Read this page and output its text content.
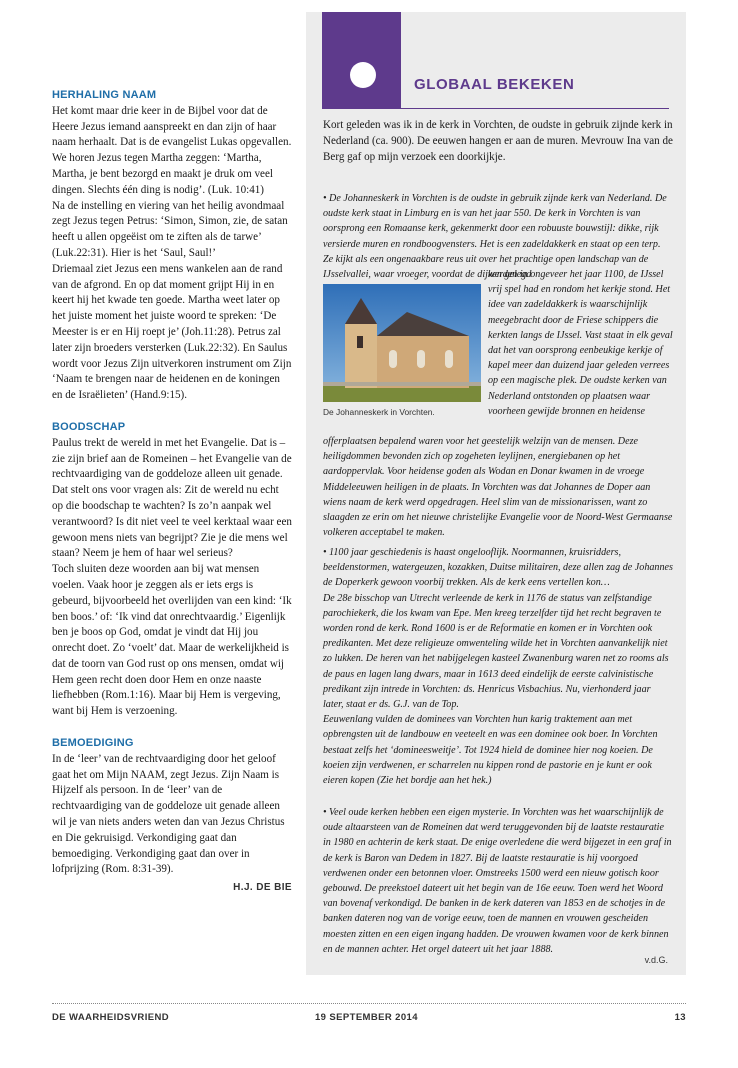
HERHALING NAAM

Het komt maar drie keer in de Bijbel voor dat de Heere Jezus iemand aanspreekt en dan zijn of haar naam herhaalt. Dat is de evangelist Lukas opgevallen.
We horen Jezus tegen Martha zeggen: ‘Martha, Martha, je bent bezorgd en maakt je druk om veel dingen. Slechts één ding is nodig’. (Luk. 10:41)
Na de instelling en viering van het heilig avondmaal zegt Jezus tegen Petrus: ‘Simon, Simon, zie, de satan heeft u allen opgeëist om te ziften als de tarwe’ (Luk.22:31). Hier is het ‘Saul, Saul!’
Driemaal ziet Jezus een mens wankelen aan de rand van de afgrond. En op dat moment grijpt Hij in en keert hij het kwade ten goede. Martha weet later op het juiste moment het juiste woord te spreken: ‘De Meester is er en Hij roept je’ (Joh.11:28). Petrus zal later zijn broeders versterken (Luk.22:32). En Saulus wordt voor Jezus Zijn uitverkoren instrument om Zijn ‘Naam te brengen naar de heidenen en de koningen en de Israëlieten’ (Hand.9:15).

BOODSCHAP

Paulus trekt de wereld in met het Evangelie. Dat is – zie zijn brief aan de Romeinen – het Evangelie van de rechtvaardiging van de goddeloze alleen uit genade. Dat stelt ons voor vragen als: Zit de wereld nu echt op die boodschap te wachten? Is zo’n aanpak wel verantwoord? Is dit niet veel te veel kerktaal waar een gewoon mens niets van begrijpt? Zie je die mens wel staan? Neem je hem of haar wel serieus?
Toch sluiten deze woorden aan bij wat mensen voelen. Vaak hoor je zeggen als er iets ergs is gebeurd, bijvoorbeeld het overlijden van een kind: ‘Ik ben boos.’ of: ‘Ik vind dat onrechtvaardig.’ Eigenlijk ben je boos op God, omdat je vindt dat Hij jou onrecht doet. Zo ‘voelt’ dat. Maar de werkelijkheid is dat de toorn van God rust op ons mensen, omdat wij Hem geen recht doen door Hem en onze naaste liefhebben (Rom.1:16). Maar bij Hem is vergeving, want bij Hem is verzoening.

BEMOEDIGING

In de ‘leer’ van de rechtvaardiging door het geloof gaat het om Mijn NAAM, zegt Jezus. Zijn Naam is Hijzelf als persoon. In de ‘leer’ van de rechtvaardiging van de goddeloze uit genade alleen wil je van niets anders weten dan van Jezus Christus en Die gekruisigd. Verkondiging gaat dan bemoediging. Verkondiging gaat dan over in lofprijzing (Rom. 8:31-39).

H.J. DE BIE
GLOBAAL BEKEKEN

Kort geleden was ik in de kerk in Vorchten, de oudste in gebruik zijnde kerk in Nederland (ca. 900). De eeuwen hangen er aan de muren. Mevrouw Ina van de Berg gaf op mijn verzoek een doorkijkje.

• De Johanneskerk in Vorchten is de oudste in gebruik zijnde kerk van Nederland. De oudste kerk staat in Limburg en is van het jaar 550. De kerk in Vorchten is van oorsprong een Romaanse kerk, gekenmerkt door een robuuste bouwstijl: dikke, rijk versierde muren en rondboogvensters. Het is een zadeldakkerk en staat op een terp. Ze kijkt als een ongenaakbare reus uit over het prachtige open landschap van de IJsselvallei, waar vroeger, voordat de dijken gelegd

De Johanneskerk in Vorchten.

werden in ongeveer het jaar 1100, de IJssel vrij spel had en rondom het kerkje stond. Het idee van zadeldakkerk is waarschijnlijk meegebracht door de Friese schippers die kerkten langs de IJssel. Vast staat in elk geval dat het van oorsprong eenbeukige kerkje of kapel meer dan duizend jaar geleden verrees op een magische plek. De oudste kerken van Nederland ontstonden op plaatsen waar voorheen gewijde bronnen en heidense

offerplaatsen bepalend waren voor het geestelijk welzijn van de mensen. Deze heiligdommen bevonden zich op zogeheten leylijnen, energiebanen op het aardoppervlak. Voor heidense goden als Wodan en Donar kwamen in de vroege Middeleeuwen heiligen in de plaats. In Vorchten was dat Johannes de Doper aan wiens naam de kerk werd opgedragen. Heel slim van de missionarissen, want zo slaagden ze erin om het nieuwe christelijke Evangelie voor de Noord-West Germaanse volkeren acceptabel te maken.

• 1100 jaar geschiedenis is haast ongelooflijk. Noormannen, kruisridders, beeldenstormen, watergeuzen, kozakken, Duitse militairen, deze allen zag de Johannes de Doperkerk gewoon voorbij trekken. Als de kerk eens vertellen kon…
De 28e bisschop van Utrecht verleende de kerk in 1176 de status van zelfstandige parochiekerk, die los kwam van Epe. Men kreeg terzelfder tijd het recht begraven te worden rond de kerk. Rond 1600 is er de Reformatie en komen er in Vorchten ook predikanten. Met deze religieuze omwenteling wilde het in Vorchten aanvankelijk niet zo lukken. De heren van het nabijgelegen kasteel Zwanenburg waren net zo rooms als de paus en lagen lang dwars, maar in 1613 deed eindelijk de eerste calvinistische predikant zijn intrede in Vorchten: ds. Henricus Visbachius. Nu, vierhonderd jaar later, staat er ds. G.J. van de Top.
Eeuwenlang vulden de dominees van Vorchten hun karig traktement aan met opbrengsten uit de landbouw en veeteelt en was een dominee ook boer. In Vorchten bestaat zelfs het ‘domineesweitje’. Tot 1924 hield de dominee hier nog koeien. De koeien zijn verdwenen, er scharrelen nu kippen rond de pastorie en je kunt er ook eieren kopen (Zie het bordje aan het hek.)

• Veel oude kerken hebben een eigen mysterie. In Vorchten was het waarschijnlijk de oude altaarsteen van de Romeinen dat werd teruggevonden bij de laatste restauratie in 1980 en achterin de kerk staat. De enige overledene die werd bijgezet in een graf in de kerk is Baron van Dedem in 1827. Bij de laatste restauratie is hij voorgoed verdwenen onder een betonnen vloer. Omstreeks 1500 werd een nieuw gotisch koor gebouwd. De preekstoel dateert uit het begin van de 16e eeuw. Toen werd het Woord van bovenaf verkondigd. De banken in de kerk dateren van 1853 en de schotjes in de banken dateren nog van de vorige eeuw, toen de mannen en vrouwen gescheiden moesten zitten en een eigen ingang hadden. De vrouwen kwamen voor de kerk binnen en de mannen achter. Het orgel dateert uit het jaar 1888.

v.d.G.
DE WAARHEIDSVRIEND	19 SEPTEMBER 2014	13
